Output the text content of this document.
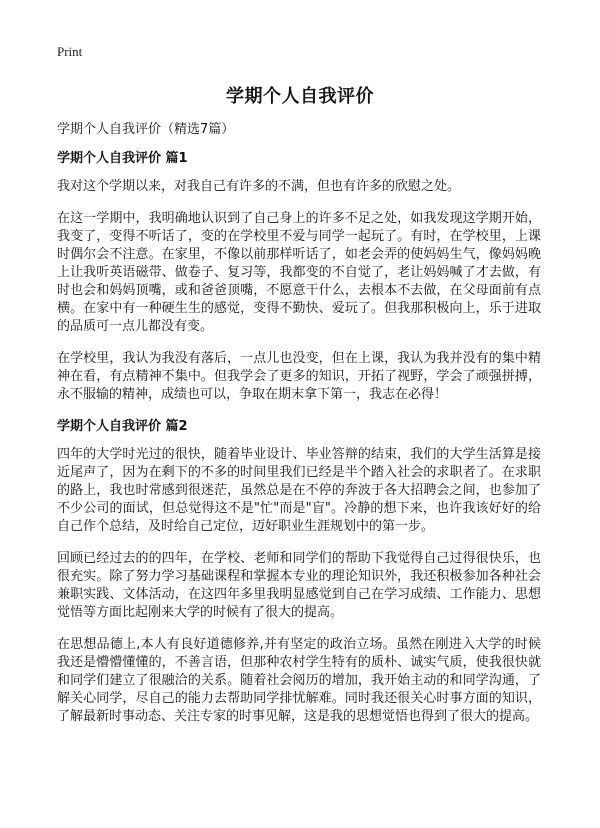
Print
学期个人自我评价

学期个人自我评价（精选7篇）

学期个人自我评价 篇1

我对这个学期以来，对我自己有许多的不满，但也有许多的欣慰之处。

在这一学期中，我明确地认识到了自己身上的许多不足之处，如我发现这学期开始，我变了，变得不听话了，变的在学校里不爱与同学一起玩了。有时，在学校里，上课时偶尔会不注意。在家里，不像以前那样听话了，如老会弄的使妈妈生气，像妈妈晚上让我听英语磁带、做卷子、复习等，我都变的不自觉了，老让妈妈喊了才去做，有时也会和妈妈顶嘴，或和爸爸顶嘴，不愿意干什么，去根本不去做，在父母面前有点横。在家中有一种硬生生的感觉，变得不勤快、爱玩了。但我那积极向上，乐于进取的品质可一点儿都没有变。

在学校里，我认为我没有落后，一点儿也没变，但在上课，我认为我并没有的集中精神在看，有点精神不集中。但我学会了更多的知识，开拓了视野，学会了顽强拼搏，永不服输的精神，成绩也可以，争取在期末拿下第一，我志在必得！

学期个人自我评价 篇2

四年的大学时光过的很快，随着毕业设计、毕业答辩的结束，我们的大学生活算是接近尾声了，因为在剩下的不多的时间里我们已经是半个踏入社会的求职者了。在求职的路上，我也时常感到很迷茫，虽然总是在不停的奔波于各大招聘会之间，也参加了不少公司的面试，但总觉得这不是"忙"而是"盲"。冷静的想下来，也许我该好好的给自己作个总结，及时给自己定位，迈好职业生涯规划中的第一步。

回顾已经过去的的四年，在学校、老师和同学们的帮助下我觉得自己过得很快乐，也很充实。除了努力学习基础课程和掌握本专业的理论知识外，我还积极参加各种社会兼职实践、文体活动，在这四年多里我明显感觉到自己在学习成绩、工作能力、思想觉悟等方面比起刚来大学的时候有了很大的提高。

在思想品德上,本人有良好道德修养,并有坚定的政治立场。虽然在刚进入大学的时候我还是懵懵懂懂的，不善言语，但那种农村学生特有的质朴、诚实气质，使我很快就和同学们建立了很融洽的关系。随着社会阅历的增加，我开始主动的和同学沟通，了解关心同学，尽自己的能力去帮助同学排忧解难。同时我还很关心时事方面的知识，了解最新时事动态、关注专家的时事见解，这是我的思想觉悟也得到了很大的提高。
